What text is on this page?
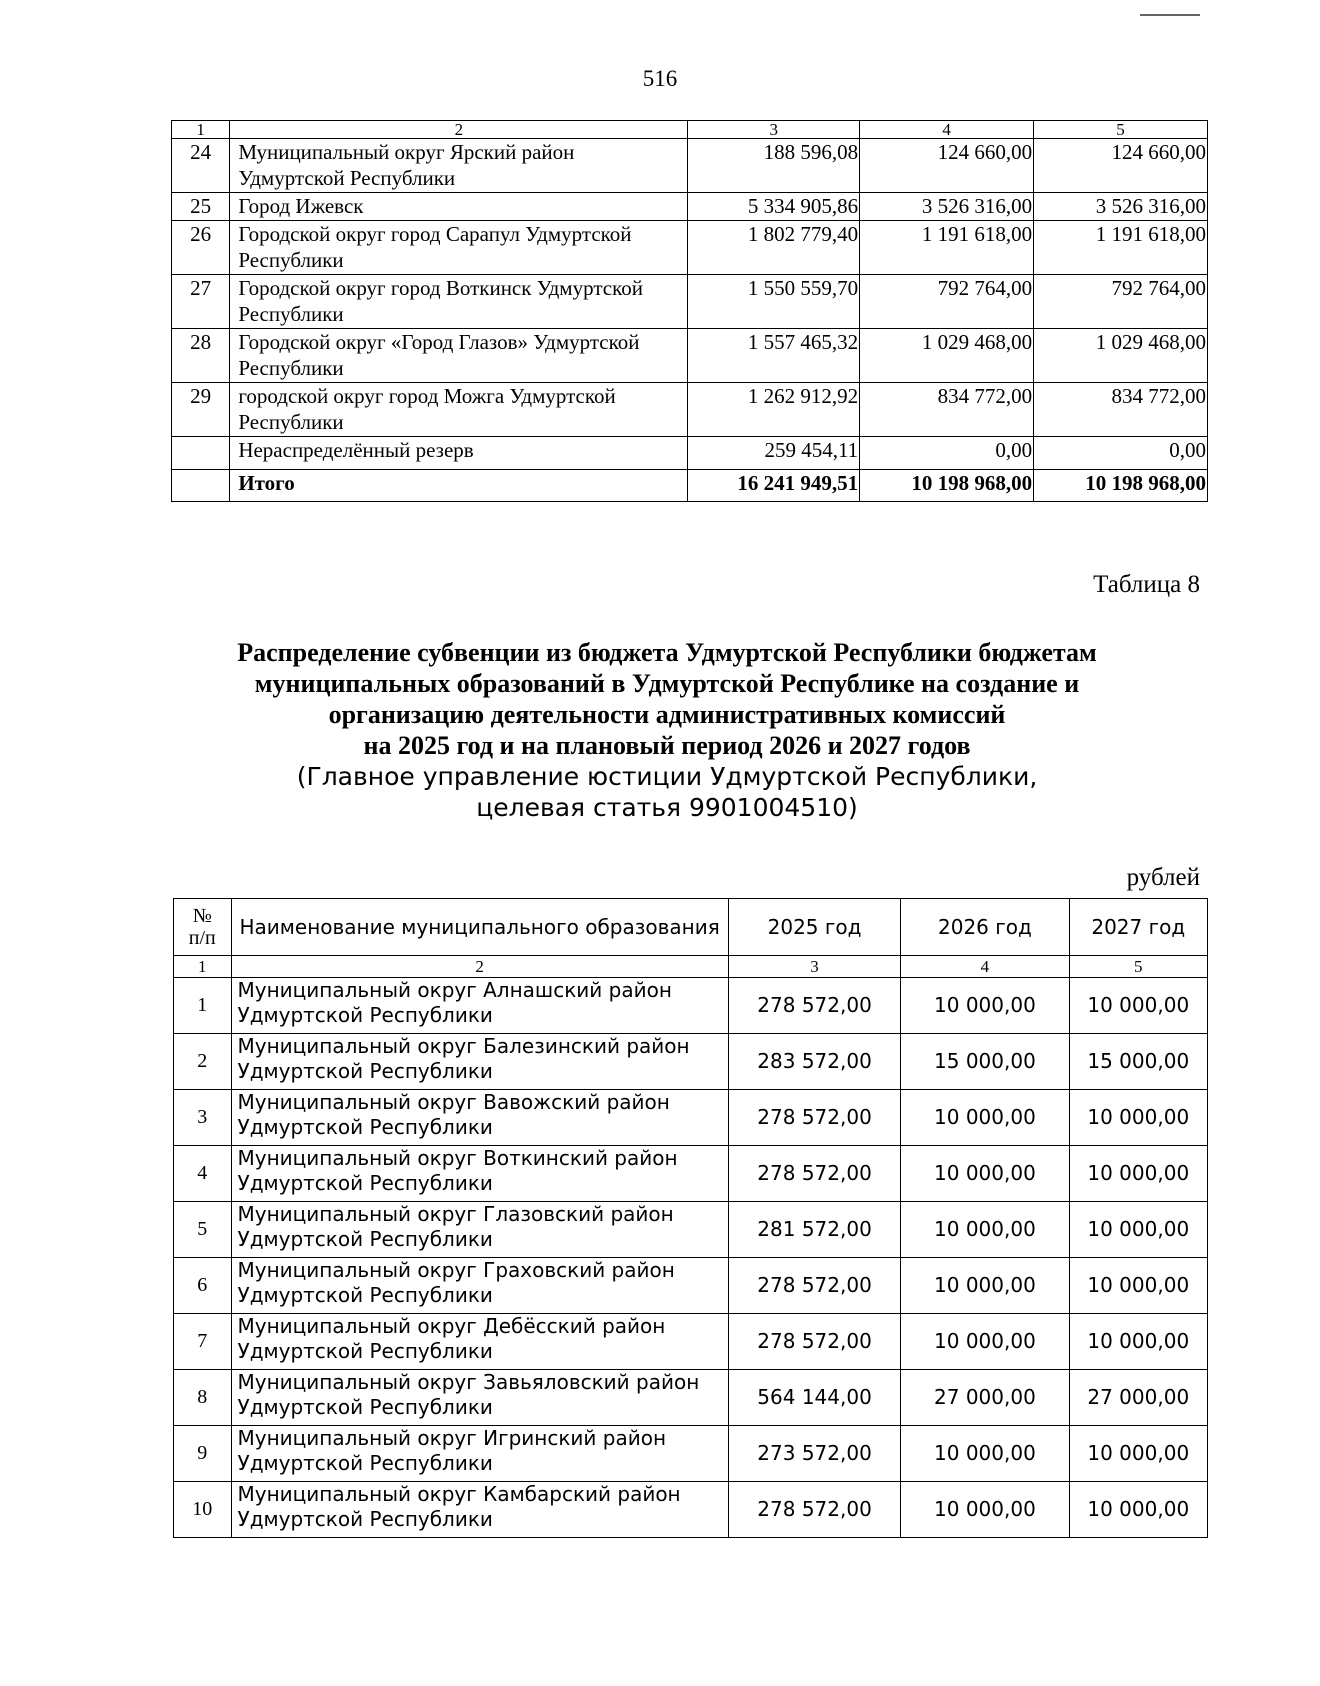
516
1	2	3	4	5
24	Муниципальный округ Ярский район Удмуртской Республики	188 596,08	124 660,00	124 660,00
25	Город Ижевск	5 334 905,86	3 526 316,00	3 526 316,00
26	Городской округ город Сарапул Удмуртской Республики	1 802 779,40	1 191 618,00	1 191 618,00
27	Городской округ город Воткинск Удмуртской Республики	1 550 559,70	792 764,00	792 764,00
28	Городской округ «Город Глазов» Удмуртской Республики	1 557 465,32	1 029 468,00	1 029 468,00
29	городской округ город Можга Удмуртской Республики	1 262 912,92	834 772,00	834 772,00
	Нераспределённый резерв	259 454,11	0,00	0,00
	Итого	16 241 949,51	10 198 968,00	10 198 968,00
Таблица 8
Распределение субвенции из бюджета Удмуртской Республики бюджетам
муниципальных образований в Удмуртской Республике на создание и
организацию деятельности административных комиссий
на 2025 год и на плановый период 2026 и 2027 годов
(Главное управление юстиции Удмуртской Республики,
целевая статья 9901004510)
рублей
№
п/п	Наименование муниципального образования	2025 год	2026 год	2027 год
1	2	3	4	5
1	Муниципальный округ Алнашский район Удмуртской Республики	278 572,00	10 000,00	10 000,00
2	Муниципальный округ Балезинский район Удмуртской Республики	283 572,00	15 000,00	15 000,00
3	Муниципальный округ Вавожский район Удмуртской Республики	278 572,00	10 000,00	10 000,00
4	Муниципальный округ Воткинский район Удмуртской Республики	278 572,00	10 000,00	10 000,00
5	Муниципальный округ Глазовский район Удмуртской Республики	281 572,00	10 000,00	10 000,00
6	Муниципальный округ Граховский район Удмуртской Республики	278 572,00	10 000,00	10 000,00
7	Муниципальный округ Дебёсский район Удмуртской Республики	278 572,00	10 000,00	10 000,00
8	Муниципальный округ Завьяловский район Удмуртской Республики	564 144,00	27 000,00	27 000,00
9	Муниципальный округ Игринский район Удмуртской Республики	273 572,00	10 000,00	10 000,00
10	Муниципальный округ Камбарский район Удмуртской Республики	278 572,00	10 000,00	10 000,00
